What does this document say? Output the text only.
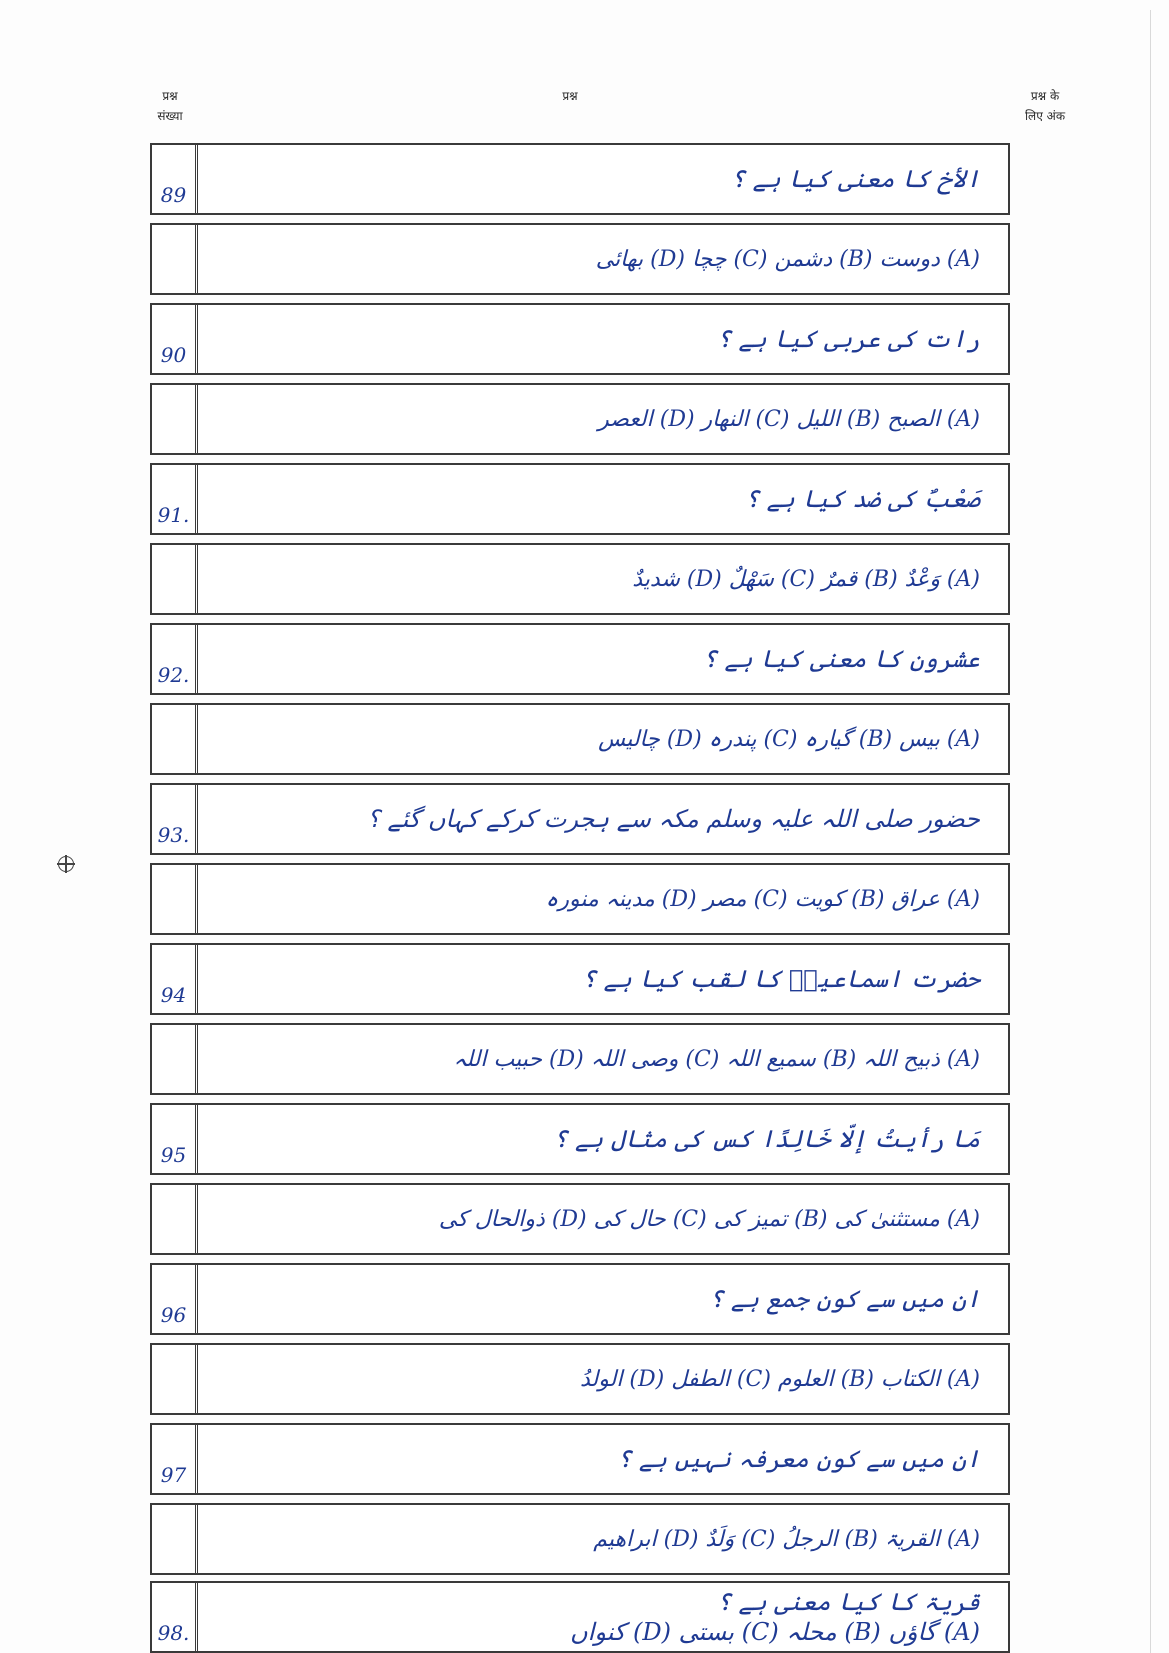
प्रश्न
संख्या
प्रश्न	प्रश्न के
लिए अंक
89
الأخ کا معنی کیا ہے ؟
(A) دوست (B) دشمن (C) چچا (D) بھائی
90
رات کی عربی کیا ہے ؟
(A) الصبح (B) اللیل (C) النھار (D) العصر
91.
صَعْبٌ کی ضد کیا ہے ؟
(A) وَعْدٌ (B) قمرٌ (C) سَھْلٌ (D) شدیدٌ
92.
عشرون کا معنی کیا ہے ؟
(A) بیس (B) گیارہ (C) پندرہ (D) چالیس
93.
حضور صلی اللہ علیہ وسلم مکہ سے ہجرت کرکے کہاں گئے ؟
(A) عراق (B) کویت (C) مصر (D) مدینہ منورہ
94
حضرت اسماعیلؑ کا لقب کیا ہے ؟
(A) ذبیح اللہ (B) سمیع اللہ (C) وصی اللہ (D) حبیب اللہ
95
مَا رأيتُ إلّا خَالِدًا کس کی مثال ہے ؟
(A) مستثنیٰ کی (B) تمیز کی (C) حال کی (D) ذوالحال کی
96
ان میں سے کون جمع ہے ؟
(A) الکتاب (B) العلوم (C) الطفل (D) الولدُ
97
ان میں سے کون معرفہ نہیں ہے ؟
(A) القریۃ (B) الرجلُ (C) وَلَدٌ (D) ابراھیم
98.
قریۃ کا کیا معنی ہے ؟
(A) گاؤں (B) محلہ (C) بستی (D) کنواں
